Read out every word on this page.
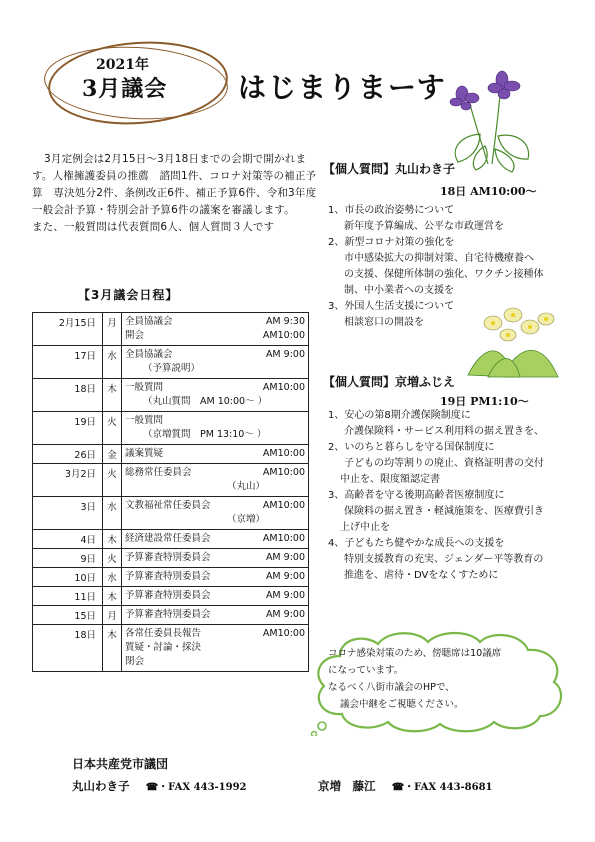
2021年
3月議会	はじまりまーす

3月定例会は2月15日～3月18日までの会期で開かれます。人権擁護委員の推薦　諮問1件、コロナ対策等の補正予算　専決処分2件、条例改正6件、補正予算6件、令和3年度一般会計予算・特別会計予算6件の議案を審議します。

また、一般質問は代表質問6人、個人質問３人です

【3月議会日程】
2月15日	月	全員協議会 AM 9:30
開会 AM10:00

17日	水	全員協議会 AM 9:00
（予算説明）

18日	木	一般質問 AM10:00
（丸山質問　AM 10:00～ ）

19日	火	一般質問
（京増質問　PM 13:10～ ）

26日	金	議案質疑 AM10:00

3月2日	火	総務常任委員会 AM10:00
（丸山）

3日	水	文教福祉常任委員会 AM10:00
（京増）

4日	木	経済建設常任委員会 AM10:00

9日	火	予算審査特別委員会 AM 9:00

10日	水	予算審査特別委員会 AM 9:00

11日	木	予算審査特別委員会 AM 9:00

15日	月	予算審査特別委員会 AM 9:00

18日	木	各常任委員長報告 AM10:00
質疑・討論・採決
閉会
【個人質問】丸山わき子
18日 AM10:00～
1、市長の政治姿勢について
新年度予算編成、公平な市政運営を
2、新型コロナ対策の強化を
市中感染拡大の抑制対策、自宅待機療養へ
の支援、保健所体制の強化、ワクチン接種体
制、中小業者への支援を
3、外国人生活支援について
相談窓口の開設を
【個人質問】京増ふじえ
19日 PM1:10～
1、安心の第8期介護保険制度に
介護保険料・サービス利用料の据え置きを、
2、いのちと暮らしを守る国保制度に
子どもの均等割りの廃止、資格証明書の交付
中止を、限度額認定書
3、高齢者を守る後期高齢者医療制度に
保険料の据え置き・軽減施策を、医療費引き
上げ中止を
4、子どもたち健やかな成長への支援を
特別支援教育の充実、ジェンダー平等教育の
推進を、虐待・DVをなくすために
コロナ感染対策のため、傍聴席は10議席
になっています。
なるべく八街市議会のHPで、
議会中継をご視聴ください。
日本共産党市議団
丸山わき子 ☎・FAX 443-1992	京増　藤江 ☎・FAX 443-8681
